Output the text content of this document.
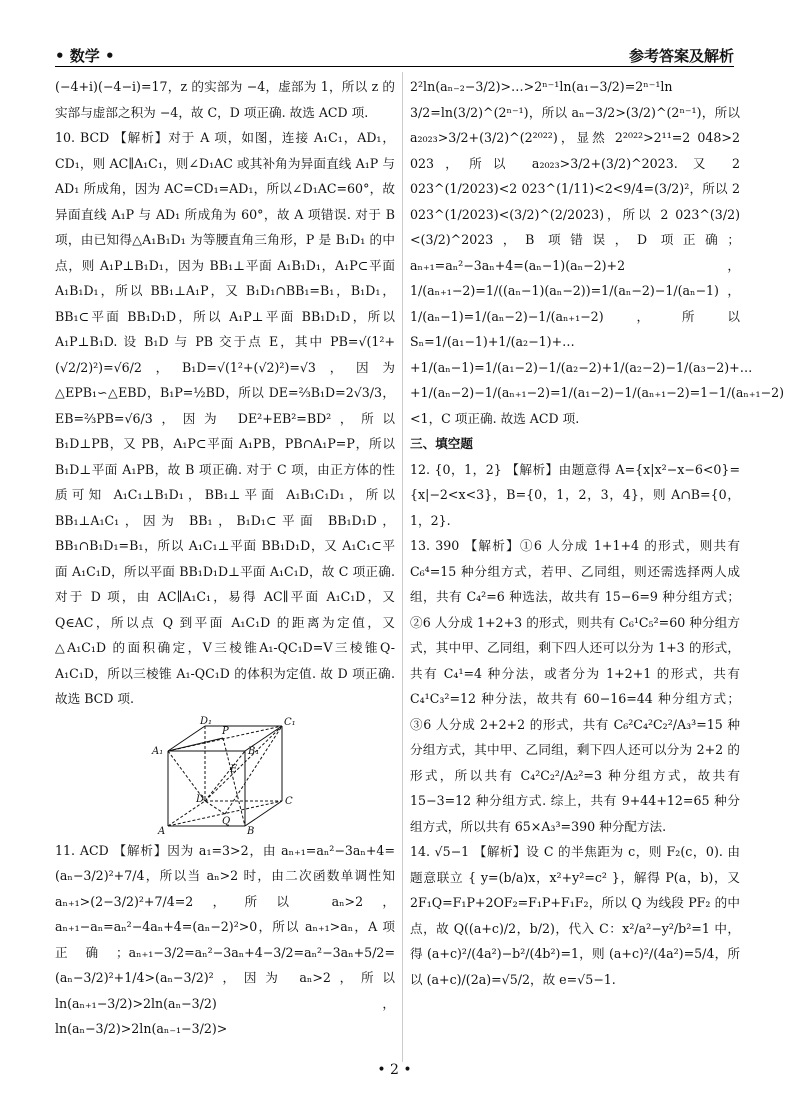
• 数学 •	参考答案及解析

(−4+i)(−4−i)=17，z 的实部为 −4，虚部为 1，所以 z 的实部与虚部之积为 −4，故 C，D 项正确. 故选 ACD 项.

10. BCD 【解析】对于 A 项，如图，连接 A₁C₁，AD₁，CD₁，则 AC∥A₁C₁，则∠D₁AC 或其补角为异面直线 A₁P 与 AD₁ 所成角，因为 AC=CD₁=AD₁，所以∠D₁AC=60°，故异面直线 A₁P 与 AD₁ 所成角为 60°，故 A 项错误. 对于 B 项，由已知得△A₁B₁D₁ 为等腰直角三角形，P 是 B₁D₁ 的中点，则 A₁P⊥B₁D₁，因为 BB₁⊥平面 A₁B₁D₁，A₁P⊂平面 A₁B₁D₁，所以 BB₁⊥A₁P，又 B₁D₁∩BB₁=B₁，B₁D₁，BB₁⊂平面 BB₁D₁D，所以 A₁P⊥平面 BB₁D₁D，所以 A₁P⊥B₁D. 设 B₁D 与 PB 交于点 E，其中 PB=√(1²+(√2/2)²)=√6/2，B₁D=√(1²+(√2)²)=√3，因为△EPB₁∽△EBD，B₁P=½BD，所以 DE=⅔B₁D=2√3/3，EB=⅔PB=√6/3，因为 DE²+EB²=BD²，所以 B₁D⊥PB，又 PB，A₁P⊂平面 A₁PB，PB∩A₁P=P，所以 B₁D⊥平面 A₁PB，故 B 项正确. 对于 C 项，由正方体的性质可知 A₁C₁⊥B₁D₁，BB₁⊥平面 A₁B₁C₁D₁，所以 BB₁⊥A₁C₁，因为 BB₁，B₁D₁⊂平面 BB₁D₁D，BB₁∩B₁D₁=B₁，所以 A₁C₁⊥平面 BB₁D₁D，又 A₁C₁⊂平面 A₁C₁D，所以平面 BB₁D₁D⊥平面 A₁C₁D，故 C 项正确. 对于 D 项，由 AC∥A₁C₁，易得 AC∥平面 A₁C₁D，又 Q∈AC，所以点 Q 到平面 A₁C₁D 的距离为定值，又△A₁C₁D 的面积确定，V三棱锥A₁-QC₁D=V三棱锥Q-A₁C₁D，所以三棱锥 A₁-QC₁D 的体积为定值. 故 D 项正确. 故选 BCD 项.

D₁
P
C₁
A₁	B₁
E
D	C
Q
A	B

11. ACD 【解析】因为 a₁=3>2，由 aₙ₊₁=aₙ²−3aₙ+4=(aₙ−3/2)²+7/4，所以当 aₙ>2 时，由二次函数单调性知 aₙ₊₁>(2−3/2)²+7/4=2，所以 aₙ>2，aₙ₊₁−aₙ=aₙ²−4aₙ+4=(aₙ−2)²>0，所以 aₙ₊₁>aₙ，A 项正确；aₙ₊₁−3/2=aₙ²−3aₙ+4−3/2=aₙ²−3aₙ+5/2=(aₙ−3/2)²+1/4>(aₙ−3/2)²，因为 aₙ>2，所以 ln(aₙ₊₁−3/2)>2ln(aₙ−3/2)，ln(aₙ−3/2)>2ln(aₙ₋₁−3/2)>

2²ln(aₙ₋₂−3/2)>…>2ⁿ⁻¹ln(a₁−3/2)=2ⁿ⁻¹ln 3/2=ln(3/2)^(2ⁿ⁻¹)，所以 aₙ−3/2>(3/2)^(2ⁿ⁻¹)，所以 a₂₀₂₃>3/2+(3/2)^(2²⁰²²)，显然 2²⁰²²>2¹¹=2 048>2 023，所以 a₂₀₂₃>3/2+(3/2)^2023. 又 2 023^(1/2023)<2 023^(1/11)<2<9/4=(3/2)²，所以 2 023^(1/2023)<(3/2)^(2/2023)，所以 2 023^(3/2)<(3/2)^2023，B 项错误，D 项正确；aₙ₊₁=aₙ²−3aₙ+4=(aₙ−1)(aₙ−2)+2，1/(aₙ₊₁−2)=1/((aₙ−1)(aₙ−2))=1/(aₙ−2)−1/(aₙ−1)，1/(aₙ−1)=1/(aₙ−2)−1/(aₙ₊₁−2)，所以 Sₙ=1/(a₁−1)+1/(a₂−1)+…+1/(aₙ−1)=1/(a₁−2)−1/(a₂−2)+1/(a₂−2)−1/(a₃−2)+…+1/(aₙ−2)−1/(aₙ₊₁−2)=1/(a₁−2)−1/(aₙ₊₁−2)=1−1/(aₙ₊₁−2)<1，C 项正确. 故选 ACD 项.

三、填空题

12. {0，1，2} 【解析】由题意得 A={x|x²−x−6<0}={x|−2<x<3}，B={0，1，2，3，4}，则 A∩B={0，1，2}.

13. 390 【解析】①6 人分成 1+1+4 的形式，则共有 C₆⁴=15 种分组方式，若甲、乙同组，则还需选择两人成组，共有 C₄²=6 种选法，故共有 15−6=9 种分组方式；②6 人分成 1+2+3 的形式，则共有 C₆¹C₅²=60 种分组方式，其中甲、乙同组，剩下四人还可以分为 1+3 的形式，共有 C₄¹=4 种分法，或者分为 1+2+1 的形式，共有 C₄¹C₃²=12 种分法，故共有 60−16=44 种分组方式；③6 人分成 2+2+2 的形式，共有 C₆²C₄²C₂²/A₃³=15 种分组方式，其中甲、乙同组，剩下四人还可以分为 2+2 的形式，所以共有 C₄²C₂²/A₂²=3 种分组方式，故共有 15−3=12 种分组方式. 综上，共有 9+44+12=65 种分组方式，所以共有 65×A₃³=390 种分配方法.

14. √5−1 【解析】设 C 的半焦距为 c，则 F₂(c，0). 由题意联立 { y=(b/a)x，x²+y²=c² }，解得 P(a，b)，又 2F₁Q=F₁P+2OF₂=F₁P+F₁F₂，所以 Q 为线段 PF₂ 的中点，故 Q((a+c)/2，b/2)，代入 C：x²/a²−y²/b²=1 中，得 (a+c)²/(4a²)−b²/(4b²)=1，则 (a+c)²/(4a²)=5/4，所以 (a+c)/(2a)=√5/2，故 e=√5−1.

• 2 •
